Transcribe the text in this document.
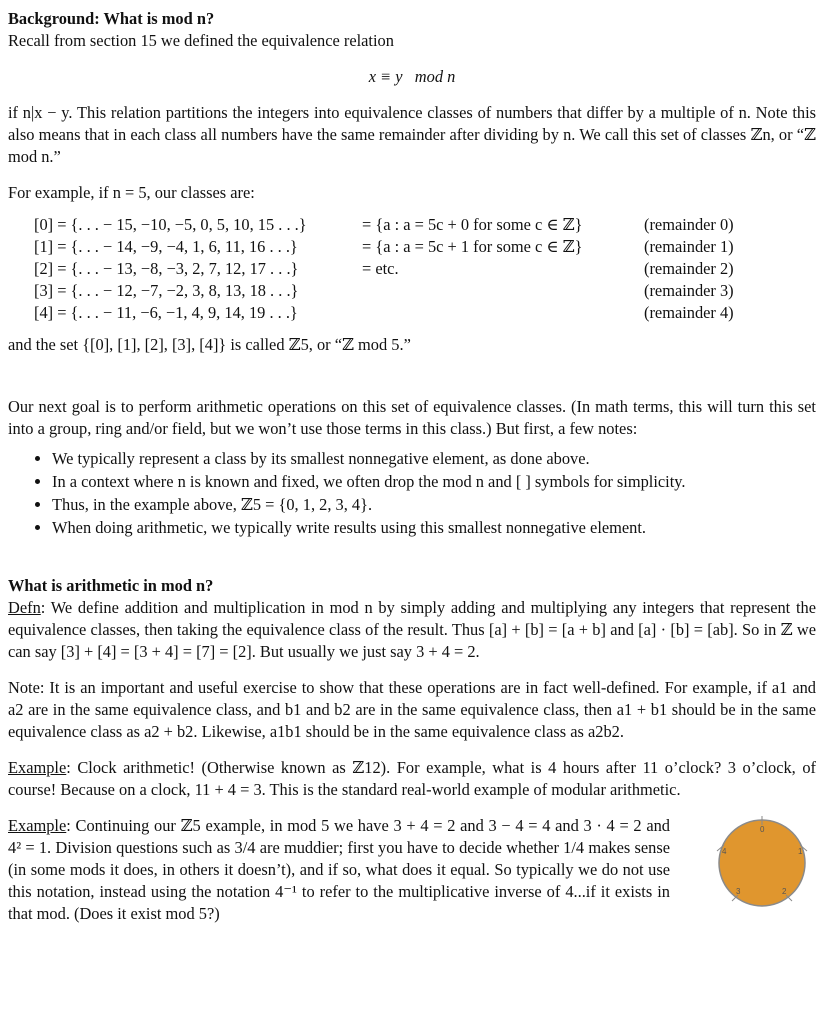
Background: What is mod n?

Recall from section 15 we defined the equivalence relation

x ≡ y   mod n

if n|x − y. This relation partitions the integers into equivalence classes of numbers that differ by a multiple of n. Note this also means that in each class all numbers have the same remainder after dividing by n. We call this set of classes ℤn, or “ℤ mod n.”

For example, if n = 5, our classes are:

[0] = {. . . − 15, −10, −5, 0, 5, 10, 15 . . .}	= {a : a = 5c + 0 for some c ∈ ℤ}	(remainder 0)
[1] = {. . . − 14, −9, −4, 1, 6, 11, 16 . . .}	= {a : a = 5c + 1 for some c ∈ ℤ}	(remainder 1)
[2] = {. . . − 13, −8, −3, 2, 7, 12, 17 . . .}	= etc.	(remainder 2)
[3] = {. . . − 12, −7, −2, 3, 8, 13, 18 . . .}	(remainder 3)
[4] = {. . . − 11, −6, −1, 4, 9, 14, 19 . . .}	(remainder 4)

and the set {[0], [1], [2], [3], [4]} is called ℤ5, or “ℤ mod 5.”

Our next goal is to perform arithmetic operations on this set of equivalence classes. (In math terms, this will turn this set into a group, ring and/or field, but we won’t use those terms in this class.) But first, a few notes:

• We typically represent a class by its smallest nonnegative element, as done above.
• In a context where n is known and fixed, we often drop the mod n and [ ] symbols for simplicity.
• Thus, in the example above, ℤ5 = {0, 1, 2, 3, 4}.
• When doing arithmetic, we typically write results using this smallest nonnegative element.

What is arithmetic in mod n?

Defn: We define addition and multiplication in mod n by simply adding and multiplying any integers that represent the equivalence classes, then taking the equivalence class of the result. Thus [a] + [b] = [a + b] and [a] · [b] = [ab]. So in ℤ we can say [3] + [4] = [3 + 4] = [7] = [2]. But usually we just say 3 + 4 = 2.

Note: It is an important and useful exercise to show that these operations are in fact well-defined. For example, if a1 and a2 are in the same equivalence class, and b1 and b2 are in the same equivalence class, then a1 + b1 should be in the same equivalence class as a2 + b2. Likewise, a1b1 should be in the same equivalence class as a2b2.

Example: Clock arithmetic! (Otherwise known as ℤ12). For example, what is 4 hours after 11 o’clock? 3 o’clock, of course! Because on a clock, 11 + 4 = 3. This is the standard real-world example of modular arithmetic.

Example: Continuing our ℤ5 example, in mod 5 we have 3 + 4 = 2 and 3 − 4 = 4 and 3 · 4 = 2 and 4² = 1. Division questions such as 3/4 are muddier; first you have to decide whether 1/4 makes sense (in some mods it does, in others it doesn’t), and if so, what does it equal. So typically we do not use this notation, instead using the notation 4⁻¹ to refer to the multiplicative inverse of 4...if it exists in that mod. (Does it exist mod 5?)

0
1
2
3
4
